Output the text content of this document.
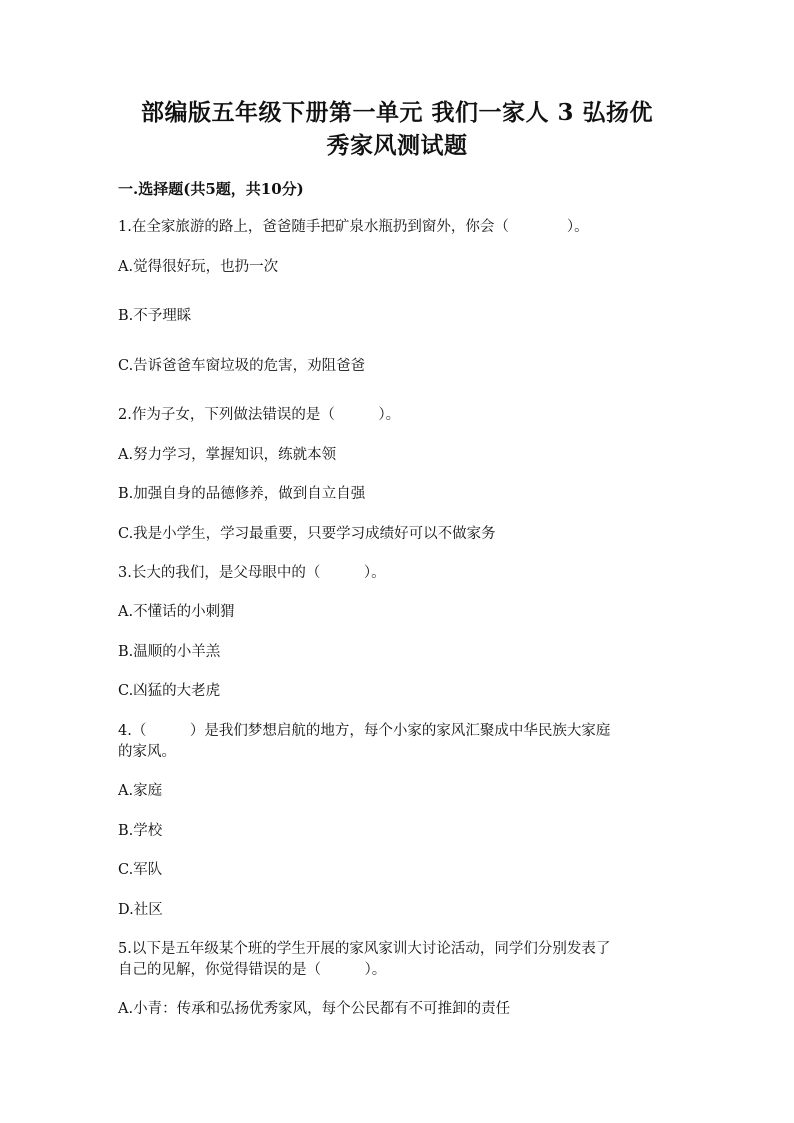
部编版五年级下册第一单元 我们一家人 3 弘扬优
秀家风测试题
一.选择题(共5题，共10分)
1.在全家旅游的路上，爸爸随手把矿泉水瓶扔到窗外，你会（　　　　）。
A.觉得很好玩，也扔一次
B.不予理睬
C.告诉爸爸车窗垃圾的危害，劝阻爸爸
2.作为子女，下列做法错误的是（　　　）。
A.努力学习，掌握知识，练就本领
B.加强自身的品德修养，做到自立自强
C.我是小学生，学习最重要，只要学习成绩好可以不做家务
3.长大的我们，是父母眼中的（　　　）。
A.不懂话的小刺猬
B.温顺的小羊羔
C.凶猛的大老虎
4.（　　　）是我们梦想启航的地方，每个小家的家风汇聚成中华民族大家庭
的家风。
A.家庭
B.学校
C.军队
D.社区
5.以下是五年级某个班的学生开展的家风家训大讨论活动，同学们分别发表了
自己的见解，你觉得错误的是（　　　）。
A.小青：传承和弘扬优秀家风，每个公民都有不可推卸的责任
